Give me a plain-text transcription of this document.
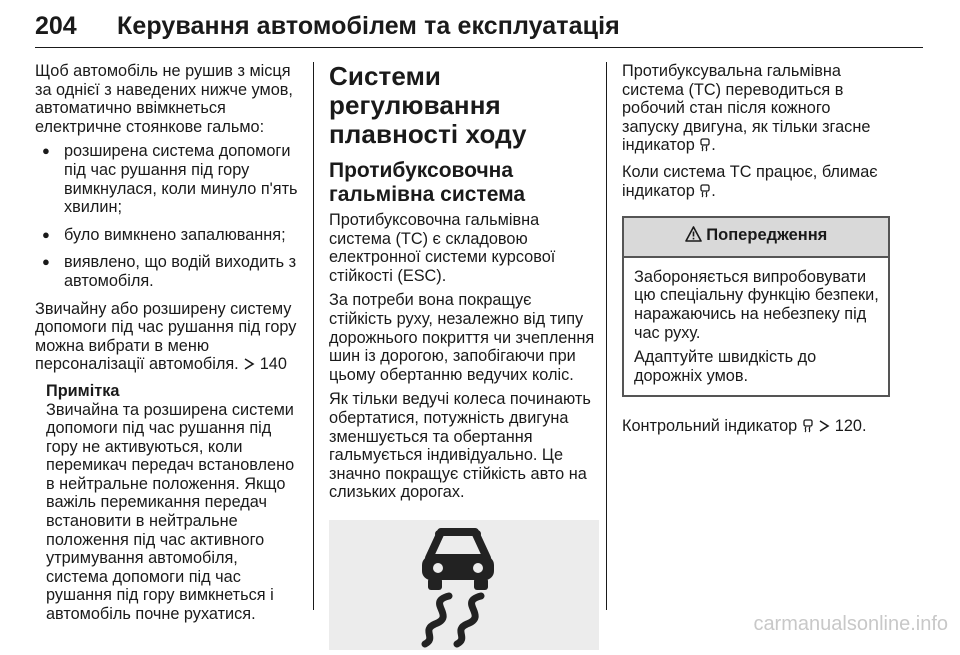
204 Керування автомобілем та експлуатація

Щоб автомобіль не рушив з місця за однієї з наведених нижче умов, автоматично ввімкнеться електричне стоянкове гальмо:

● розширена система допомоги під час рушання під гору вимкнулася, коли минуло п'ять хвилин;
● було вимкнено запалювання;
● виявлено, що водій виходить з автомобіля.

Звичайну або розширену систему допомоги під час рушання під гору можна вибрати в меню персоналізації автомобіля. 140

Примітка
Звичайна та розширена системи допомоги під час рушання під гору не активуються, коли перемикач передач встановлено в нейтральне положення. Якщо важіль перемикання передач встановити в нейтральне положення під час активного утримування автомобіля, система допомоги під час рушання під гору вимкнеться і автомобіль почне рухатися.
Системи регулювання плавності ходу
Протибуксовочна гальмівна система

Протибуксовочна гальмівна система (ТС) є складовою електронної системи курсової стійкості (ESC).

За потреби вона покращує стійкість руху, незалежно від типу дорожнього покриття чи зчеплення шин із дорогою, запобігаючи при цьому обертанню ведучих коліс.

Як тільки ведучі колеса починають обертатися, потужність двигуна зменшується та обертання гальмується індивідуально. Це значно покращує стійкість авто на слизьких дорогах.

Протибуксувальна гальмівна система (ТС) переводиться в робочий стан після кожного запуску двигуна, як тільки згасне індикатор .

Коли система ТС працює, блимає індикатор .

Попередження

Забороняється випробовувати цю спеціальну функцію безпеки, наражаючись на небезпеку під час руху.

Адаптуйте швидкість до дорожніх умов.

Контрольний індикатор 120.

carmanualsonline.info
